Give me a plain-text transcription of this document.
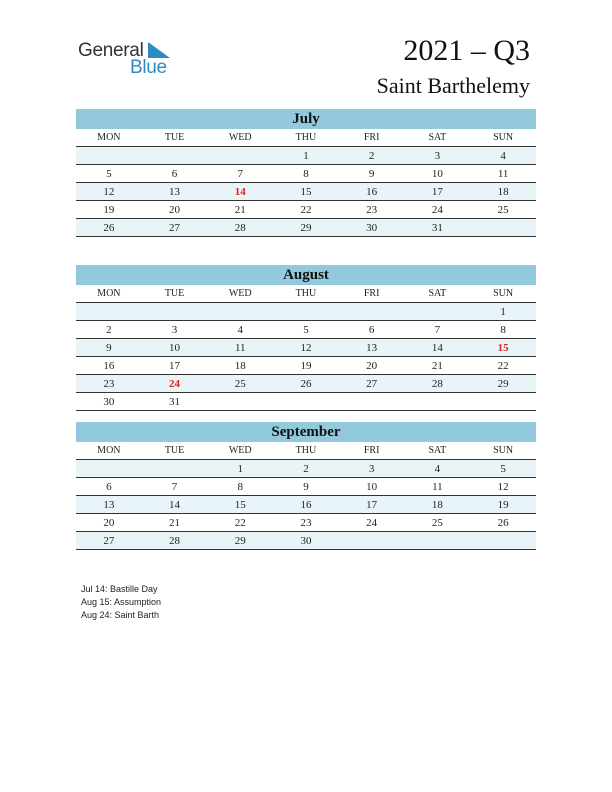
General
Blue
2021 – Q3
Saint Barthelemy
July
MON	TUE	WED	THU	FRI	SAT	SUN
			1	2	3	4
5	6	7	8	9	10	11
12	13	14	15	16	17	18
19	20	21	22	23	24	25
26	27	28	29	30	31	
August
MON	TUE	WED	THU	FRI	SAT	SUN
						1
2	3	4	5	6	7	8
9	10	11	12	13	14	15
16	17	18	19	20	21	22
23	24	25	26	27	28	29
30	31					
September
MON	TUE	WED	THU	FRI	SAT	SUN
		1	2	3	4	5
6	7	8	9	10	11	12
13	14	15	16	17	18	19
20	21	22	23	24	25	26
27	28	29	30			
Jul 14: Bastille Day
Aug 15: Assumption
Aug 24: Saint Barth
